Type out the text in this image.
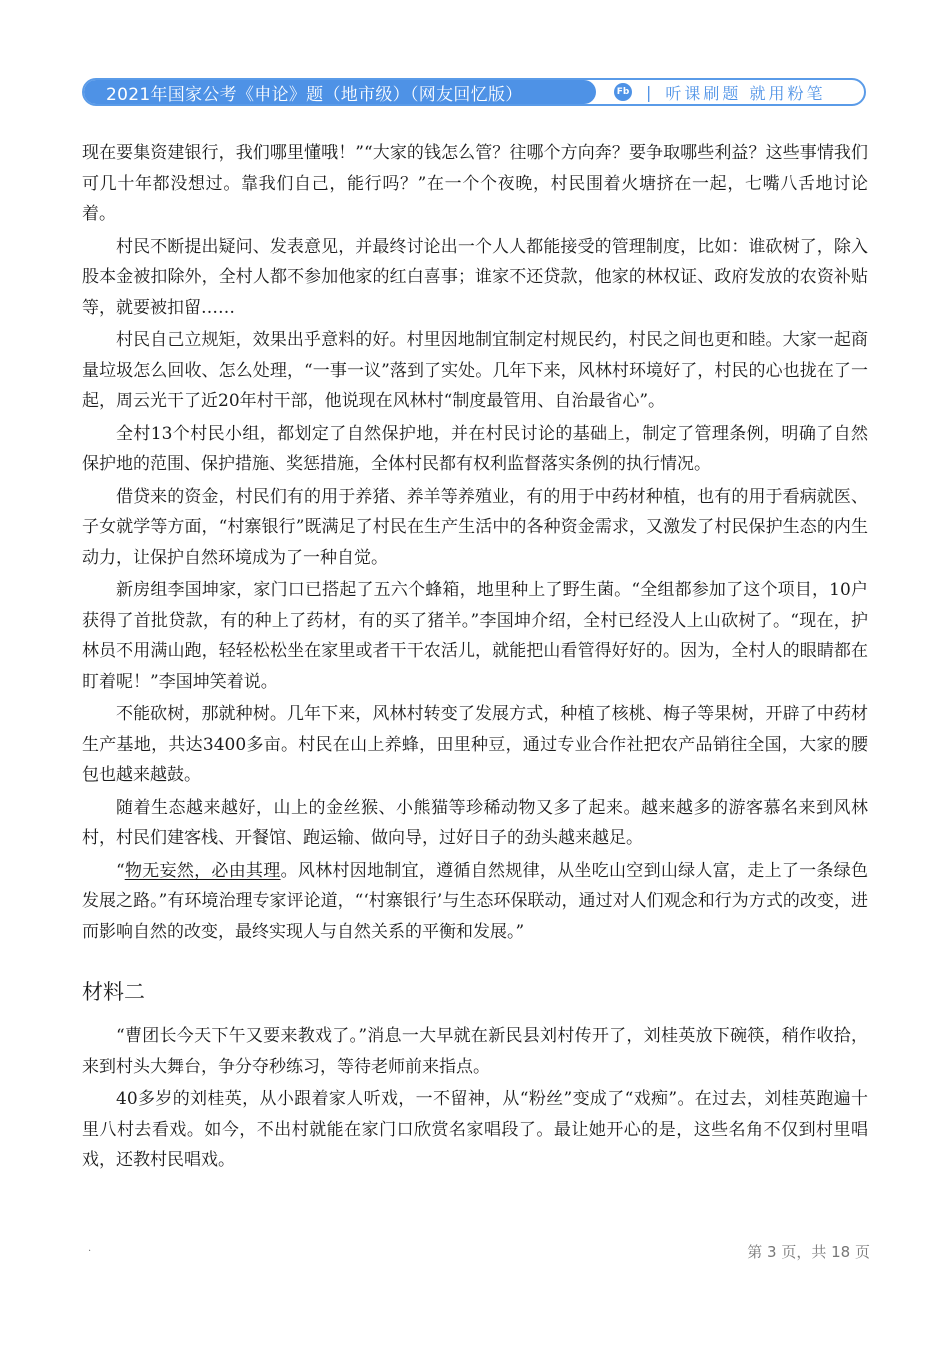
2021年国家公考《申论》题（地市级）（网友回忆版）	Fb | 听课刷题 就用粉笔

现在要集资建银行，我们哪里懂哦！”“大家的钱怎么管？往哪个方向奔？要争取哪些利益？这些事情我们可几十年都没想过。靠我们自己，能行吗？”在一个个夜晚，村民围着火塘挤在一起，七嘴八舌地讨论着。

村民不断提出疑问、发表意见，并最终讨论出一个人人都能接受的管理制度，比如：谁砍树了，除入股本金被扣除外，全村人都不参加他家的红白喜事；谁家不还贷款，他家的林权证、政府发放的农资补贴等，就要被扣留……

村民自己立规矩，效果出乎意料的好。村里因地制宜制定村规民约，村民之间也更和睦。大家一起商量垃圾怎么回收、怎么处理，“一事一议”落到了实处。几年下来，风林村环境好了，村民的心也拢在了一起，周云光干了近20年村干部，他说现在风林村“制度最管用、自治最省心”。

全村13个村民小组，都划定了自然保护地，并在村民讨论的基础上，制定了管理条例，明确了自然保护地的范围、保护措施、奖惩措施，全体村民都有权利监督落实条例的执行情况。

借贷来的资金，村民们有的用于养猪、养羊等养殖业，有的用于中药材种植，也有的用于看病就医、子女就学等方面，“村寨银行”既满足了村民在生产生活中的各种资金需求，又激发了村民保护生态的内生动力，让保护自然环境成为了一种自觉。

新房组李国坤家，家门口已搭起了五六个蜂箱，地里种上了野生菌。“全组都参加了这个项目，10户获得了首批贷款，有的种上了药材，有的买了猪羊。”李国坤介绍，全村已经没人上山砍树了。“现在，护林员不用满山跑，轻轻松松坐在家里或者干干农活儿，就能把山看管得好好的。因为，全村人的眼睛都在盯着呢！”李国坤笑着说。

不能砍树，那就种树。几年下来，风林村转变了发展方式，种植了核桃、梅子等果树，开辟了中药材生产基地，共达3400多亩。村民在山上养蜂，田里种豆，通过专业合作社把农产品销往全国，大家的腰包也越来越鼓。

随着生态越来越好，山上的金丝猴、小熊猫等珍稀动物又多了起来。越来越多的游客慕名来到风林村，村民们建客栈、开餐馆、跑运输、做向导，过好日子的劲头越来越足。

“物无妄然，必由其理。风林村因地制宜，遵循自然规律，从坐吃山空到山绿人富，走上了一条绿色发展之路。”有环境治理专家评论道，“‘村寨银行’与生态环保联动，通过对人们观念和行为方式的改变，进而影响自然的改变，最终实现人与自然关系的平衡和发展。”

材料二

“曹团长今天下午又要来教戏了。”消息一大早就在新民县刘村传开了，刘桂英放下碗筷，稍作收拾，来到村头大舞台，争分夺秒练习，等待老师前来指点。

40多岁的刘桂英，从小跟着家人听戏，一不留神，从“粉丝”变成了“戏痴”。在过去，刘桂英跑遍十里八村去看戏。如今，不出村就能在家门口欣赏名家唱段了。最让她开心的是，这些名角不仅到村里唱戏，还教村民唱戏。

·	第 3 页，共 18 页
